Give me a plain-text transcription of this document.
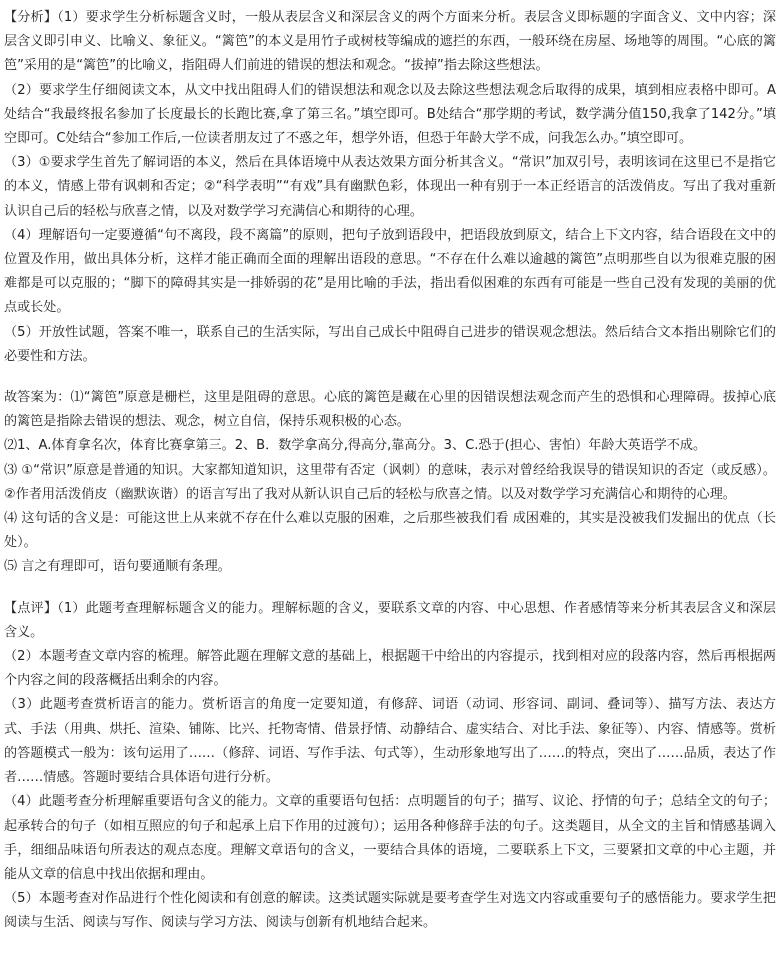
【分析】（1）要求学生分析标题含义时，一般从表层含义和深层含义的两个方面来分析。表层含义即标题的字面含义、文中内容；深层含义即引申义、比喻义、象征义。“篱笆”的本义是用竹子或树枝等编成的遮拦的东西，一般环绕在房屋、场地等的周围。“心底的篱笆”采用的是“篱笆”的比喻义，指阻碍人们前进的错误的想法和观念。“拔掉”指去除这些想法。

（2）要求学生仔细阅读文本，从文中找出阻碍人们的错误想法和观念以及去除这些想法观念后取得的成果，填到相应表格中即可。A处结合“我最终报名参加了长度最长的长跑比赛,拿了第三名。”填空即可。B处结合“那学期的考试，数学满分值150,我拿了142分。”填空即可。C处结合“参加工作后,一位读者朋友过了不惑之年，想学外语，但恐于年龄大学不成，问我怎么办。”填空即可。

（3）①要求学生首先了解词语的本义，然后在具体语境中从表达效果方面分析其含义。“常识”加双引号，表明该词在这里已不是指它的本义，情感上带有讽刺和否定；②“科学表明”“有戏”具有幽默色彩，体现出一种有别于一本正经语言的活泼俏皮。写出了我对重新认识自己后的轻松与欣喜之情，以及对数学学习充满信心和期待的心理。

（4）理解语句一定要遵循“句不离段，段不离篇”的原则，把句子放到语段中，把语段放到原文，结合上下文内容，结合语段在文中的位置及作用，做出具体分析，这样才能正确而全面的理解出语段的意思。“不存在什么难以逾越的篱笆”点明那些自以为很难克服的困难都是可以克服的；“脚下的障碍其实是一排娇弱的花”是用比喻的手法，指出看似困难的东西有可能是一些自己没有发现的美丽的优点或长处。

（5）开放性试题，答案不唯一，联系自己的生活实际，写出自己成长中阻碍自己进步的错误观念想法。然后结合文本指出剔除它们的必要性和方法。

故答案为：⑴“篱笆”原意是栅栏，这里是阻碍的意思。心底的篱笆是藏在心里的因错误想法观念而产生的恐惧和心理障碍。拔掉心底的篱笆是指除去错误的想法、观念，树立自信，保持乐观积极的心态。

⑵1、A.体育拿名次，体育比赛拿第三。2、B．数学拿高分,得高分,靠高分。3、C.恐于(担心、害怕）年龄大英语学不成。

⑶ ①“常识”原意是普通的知识。大家都知道知识，这里带有否定（讽刺）的意味，表示对曾经给我误导的错误知识的否定（或反感）。②作者用活泼俏皮（幽默诙谐）的语言写出了我对从新认识自己后的轻松与欣喜之情。以及对数学学习充满信心和期待的心理。

⑷ 这句话的含义是：可能这世上从来就不存在什么难以克服的困难，之后那些被我们看 成困难的，其实是没被我们发掘出的优点（长处）。

⑸ 言之有理即可，语句要通顺有条理。

【点评】（1）此题考查理解标题含义的能力。理解标题的含义，要联系文章的内容、中心思想、作者感情等来分析其表层含义和深层含义。

（2）本题考查文章内容的梳理。解答此题在理解文意的基础上，根据题干中给出的内容提示，找到相对应的段落内容，然后再根据两个内容之间的段落概括出剩余的内容。

（3）此题考查赏析语言的能力。赏析语言的角度一定要知道，有修辞、词语（动词、形容词、副词、叠词等）、描写方法、表达方式、手法（用典、烘托、渲染、铺陈、比兴、托物寄情、借景抒情、动静结合、虚实结合、对比手法、象征等）、内容、情感等。赏析的答题模式一般为：该句运用了……（修辞、词语、写作手法、句式等），生动形象地写出了……的特点，突出了……品质，表达了作者……情感。答题时要结合具体语句进行分析。

（4）此题考查分析理解重要语句含义的能力。文章的重要语句包括：点明题旨的句子；描写、议论、抒情的句子；总结全文的句子；起承转合的句子（如相互照应的句子和起承上启下作用的过渡句）；运用各种修辞手法的句子。这类题目，从全文的主旨和情感基调入手，细细品味语句所表达的观点态度。理解文章语句的含义，一要结合具体的语境，二要联系上下文，三要紧扣文章的中心主题，并能从文章的信息中找出依据和理由。

（5）本题考查对作品进行个性化阅读和有创意的解读。这类试题实际就是要考查学生对选文内容或重要句子的感悟能力。要求学生把阅读与生活、阅读与写作、阅读与学习方法、阅读与创新有机地结合起来。
